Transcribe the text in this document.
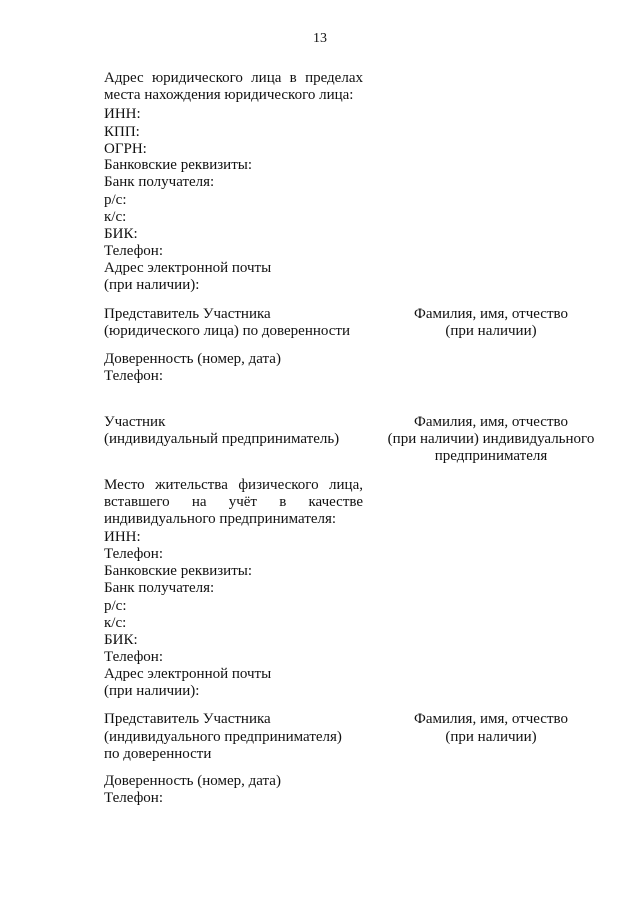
13
Адрес юридического лица в пределах
места нахождения юридического лица:
ИНН:
КПП:
ОГРН:
Банковские реквизиты:
Банк получателя:
р/с:
к/с:
БИК:
Телефон:
Адрес электронной почты
(при наличии):
Представитель Участника
(юридического лица) по доверенности
Фамилия, имя, отчество
(при наличии)
Доверенность (номер, дата)
Телефон:
Участник
(индивидуальный предприниматель)
Фамилия, имя, отчество
(при наличии) индивидуального
предпринимателя
Место жительства физического лица,
вставшего на учёт в качестве
индивидуального предпринимателя:
ИНН:
Телефон:
Банковские реквизиты:
Банк получателя:
р/с:
к/с:
БИК:
Телефон:
Адрес электронной почты
(при наличии):
Представитель Участника
(индивидуального предпринимателя)
по доверенности
Фамилия, имя, отчество
(при наличии)
Доверенность (номер, дата)
Телефон:
